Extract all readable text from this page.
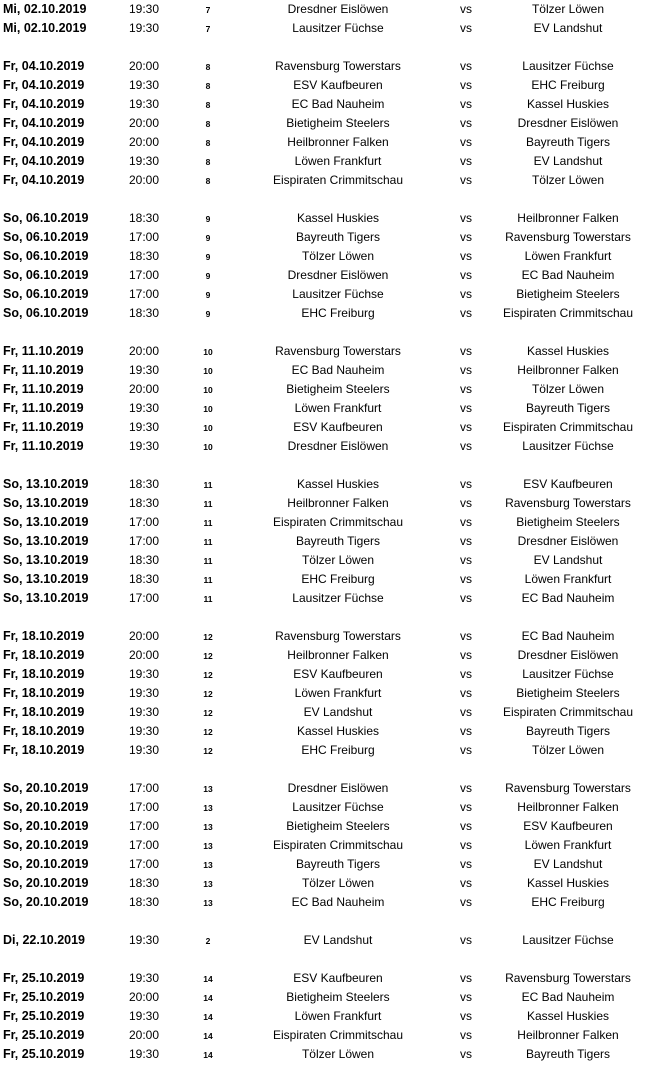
Mi, 02.10.2019	19:30	7	Dresdner Eislöwen	vs	Tölzer Löwen
Mi, 02.10.2019	19:30	7	Lausitzer Füchse	vs	EV Landshut
Fr, 04.10.2019	20:00	8	Ravensburg Towerstars	vs	Lausitzer Füchse
Fr, 04.10.2019	19:30	8	ESV Kaufbeuren	vs	EHC Freiburg
Fr, 04.10.2019	19:30	8	EC Bad Nauheim	vs	Kassel Huskies
Fr, 04.10.2019	20:00	8	Bietigheim Steelers	vs	Dresdner Eislöwen
Fr, 04.10.2019	20:00	8	Heilbronner Falken	vs	Bayreuth Tigers
Fr, 04.10.2019	19:30	8	Löwen Frankfurt	vs	EV Landshut
Fr, 04.10.2019	20:00	8	Eispiraten Crimmitschau	vs	Tölzer Löwen
So, 06.10.2019	18:30	9	Kassel Huskies	vs	Heilbronner Falken
So, 06.10.2019	17:00	9	Bayreuth Tigers	vs	Ravensburg Towerstars
So, 06.10.2019	18:30	9	Tölzer Löwen	vs	Löwen Frankfurt
So, 06.10.2019	17:00	9	Dresdner Eislöwen	vs	EC Bad Nauheim
So, 06.10.2019	17:00	9	Lausitzer Füchse	vs	Bietigheim Steelers
So, 06.10.2019	18:30	9	EHC Freiburg	vs	Eispiraten Crimmitschau
Fr, 11.10.2019	20:00	10	Ravensburg Towerstars	vs	Kassel Huskies
Fr, 11.10.2019	19:30	10	EC Bad Nauheim	vs	Heilbronner Falken
Fr, 11.10.2019	20:00	10	Bietigheim Steelers	vs	Tölzer Löwen
Fr, 11.10.2019	19:30	10	Löwen Frankfurt	vs	Bayreuth Tigers
Fr, 11.10.2019	19:30	10	ESV Kaufbeuren	vs	Eispiraten Crimmitschau
Fr, 11.10.2019	19:30	10	Dresdner Eislöwen	vs	Lausitzer Füchse
So, 13.10.2019	18:30	11	Kassel Huskies	vs	ESV Kaufbeuren
So, 13.10.2019	18:30	11	Heilbronner Falken	vs	Ravensburg Towerstars
So, 13.10.2019	17:00	11	Eispiraten Crimmitschau	vs	Bietigheim Steelers
So, 13.10.2019	17:00	11	Bayreuth Tigers	vs	Dresdner Eislöwen
So, 13.10.2019	18:30	11	Tölzer Löwen	vs	EV Landshut
So, 13.10.2019	18:30	11	EHC Freiburg	vs	Löwen Frankfurt
So, 13.10.2019	17:00	11	Lausitzer Füchse	vs	EC Bad Nauheim
Fr, 18.10.2019	20:00	12	Ravensburg Towerstars	vs	EC Bad Nauheim
Fr, 18.10.2019	20:00	12	Heilbronner Falken	vs	Dresdner Eislöwen
Fr, 18.10.2019	19:30	12	ESV Kaufbeuren	vs	Lausitzer Füchse
Fr, 18.10.2019	19:30	12	Löwen Frankfurt	vs	Bietigheim Steelers
Fr, 18.10.2019	19:30	12	EV Landshut	vs	Eispiraten Crimmitschau
Fr, 18.10.2019	19:30	12	Kassel Huskies	vs	Bayreuth Tigers
Fr, 18.10.2019	19:30	12	EHC Freiburg	vs	Tölzer Löwen
So, 20.10.2019	17:00	13	Dresdner Eislöwen	vs	Ravensburg Towerstars
So, 20.10.2019	17:00	13	Lausitzer Füchse	vs	Heilbronner Falken
So, 20.10.2019	17:00	13	Bietigheim Steelers	vs	ESV Kaufbeuren
So, 20.10.2019	17:00	13	Eispiraten Crimmitschau	vs	Löwen Frankfurt
So, 20.10.2019	17:00	13	Bayreuth Tigers	vs	EV Landshut
So, 20.10.2019	18:30	13	Tölzer Löwen	vs	Kassel Huskies
So, 20.10.2019	18:30	13	EC Bad Nauheim	vs	EHC Freiburg
Di, 22.10.2019	19:30	2	EV Landshut	vs	Lausitzer Füchse
Fr, 25.10.2019	19:30	14	ESV Kaufbeuren	vs	Ravensburg Towerstars
Fr, 25.10.2019	20:00	14	Bietigheim Steelers	vs	EC Bad Nauheim
Fr, 25.10.2019	19:30	14	Löwen Frankfurt	vs	Kassel Huskies
Fr, 25.10.2019	20:00	14	Eispiraten Crimmitschau	vs	Heilbronner Falken
Fr, 25.10.2019	19:30	14	Tölzer Löwen	vs	Bayreuth Tigers
